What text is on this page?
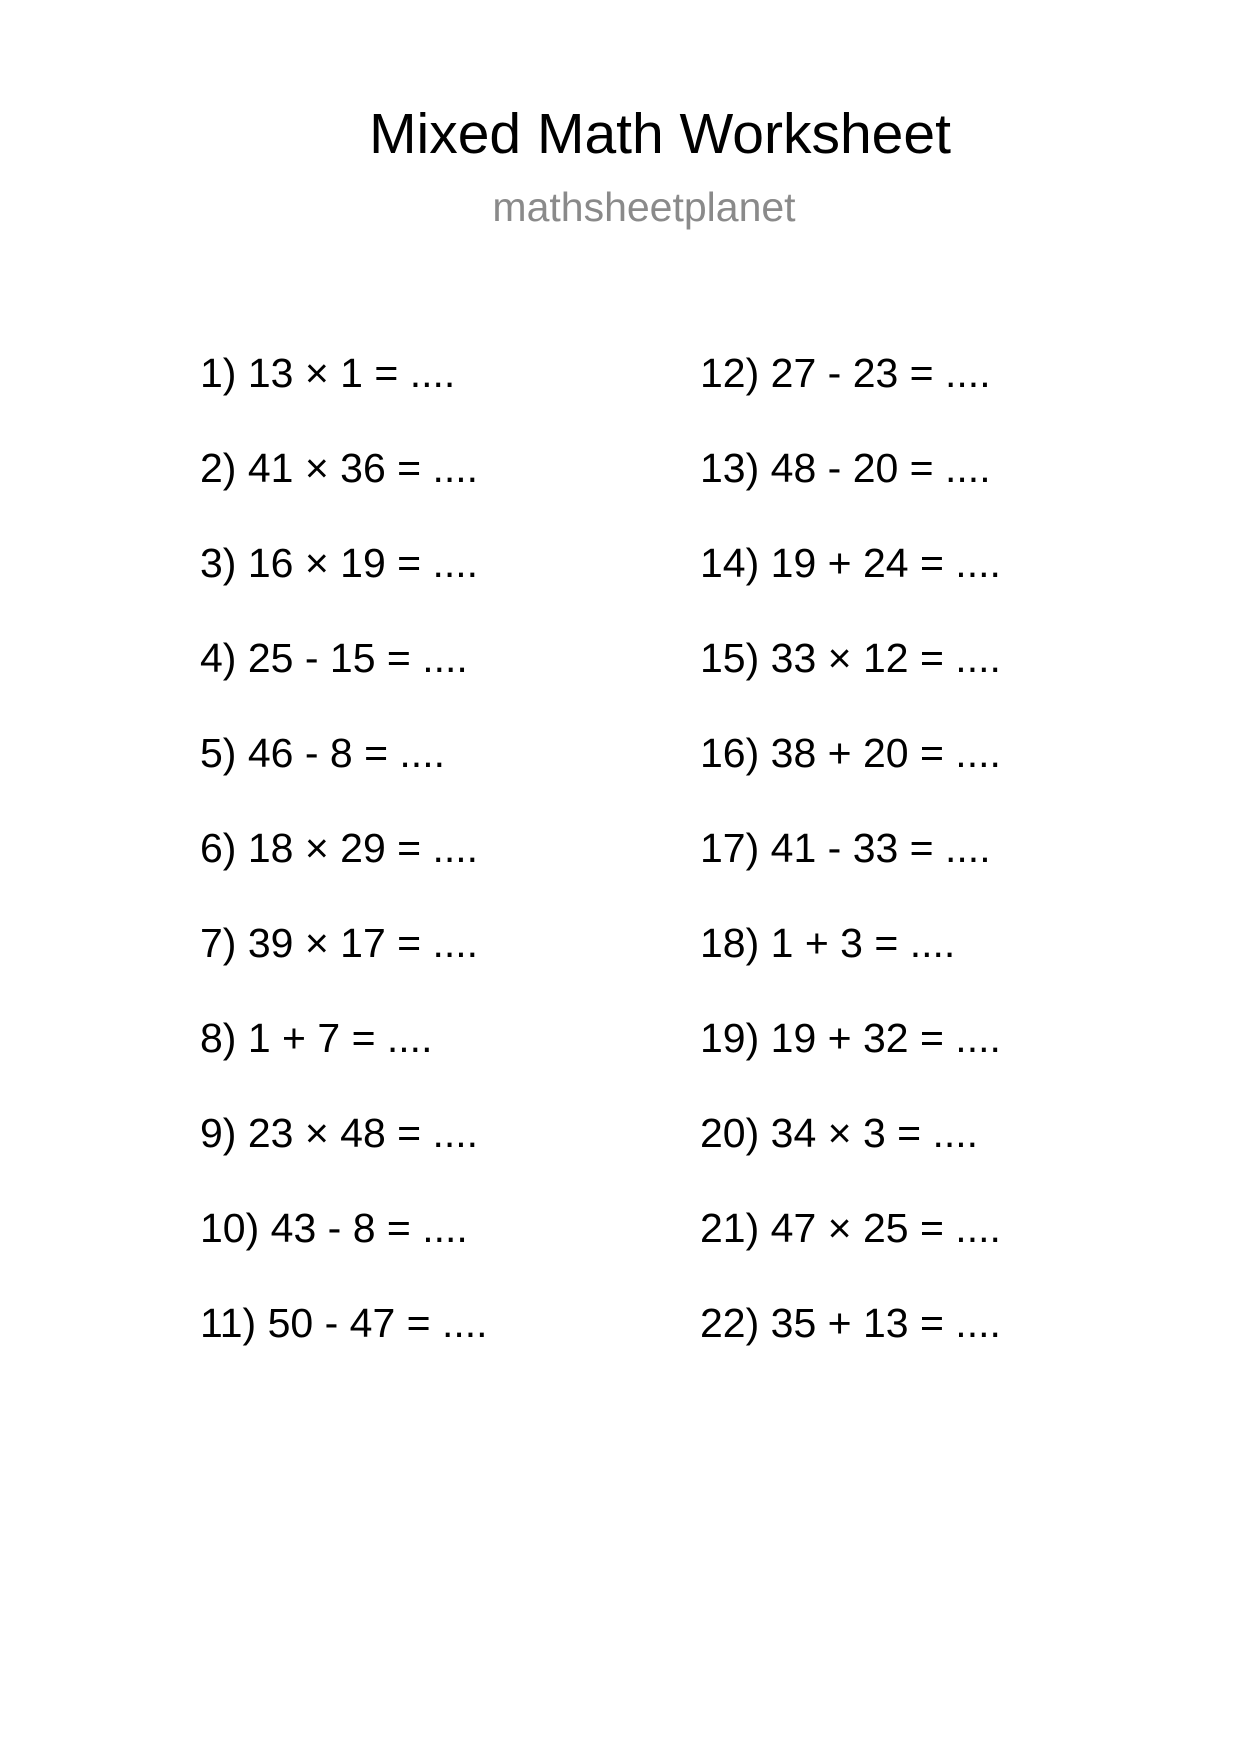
Mixed Math Worksheet
mathsheetplanet
1) 13 × 1 = ....
2) 41 × 36 = ....
3) 16 × 19 = ....
4) 25 - 15 = ....
5) 46 - 8 = ....
6) 18 × 29 = ....
7) 39 × 17 = ....
8) 1 + 7 = ....
9) 23 × 48 = ....
10) 43 - 8 = ....
11) 50 - 47 = ....
12) 27 - 23 = ....
13) 48 - 20 = ....
14) 19 + 24 = ....
15) 33 × 12 = ....
16) 38 + 20 = ....
17) 41 - 33 = ....
18) 1 + 3 = ....
19) 19 + 32 = ....
20) 34 × 3 = ....
21) 47 × 25 = ....
22) 35 + 13 = ....
